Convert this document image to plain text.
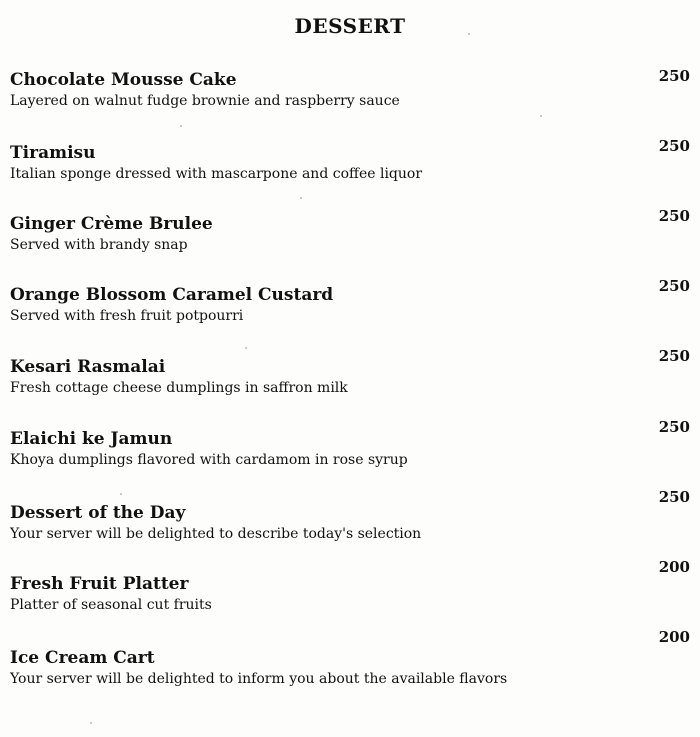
DESSERT
Chocolate Mousse Cake
Layered on walnut fudge brownie and raspberry sauce
250
Tiramisu
Italian sponge dressed with mascarpone and coffee liquor
250
Ginger Crème Brulee
Served with brandy snap
250
Orange Blossom Caramel Custard
Served with fresh fruit potpourri
250
Kesari Rasmalai
Fresh cottage cheese dumplings in saffron milk
250
Elaichi ke Jamun
Khoya dumplings flavored with cardamom in rose syrup
250
Dessert of the Day
Your server will be delighted to describe today's selection
250
Fresh Fruit Platter
Platter of seasonal cut fruits
200
Ice Cream Cart
Your server will be delighted to inform you about the available flavors
200
